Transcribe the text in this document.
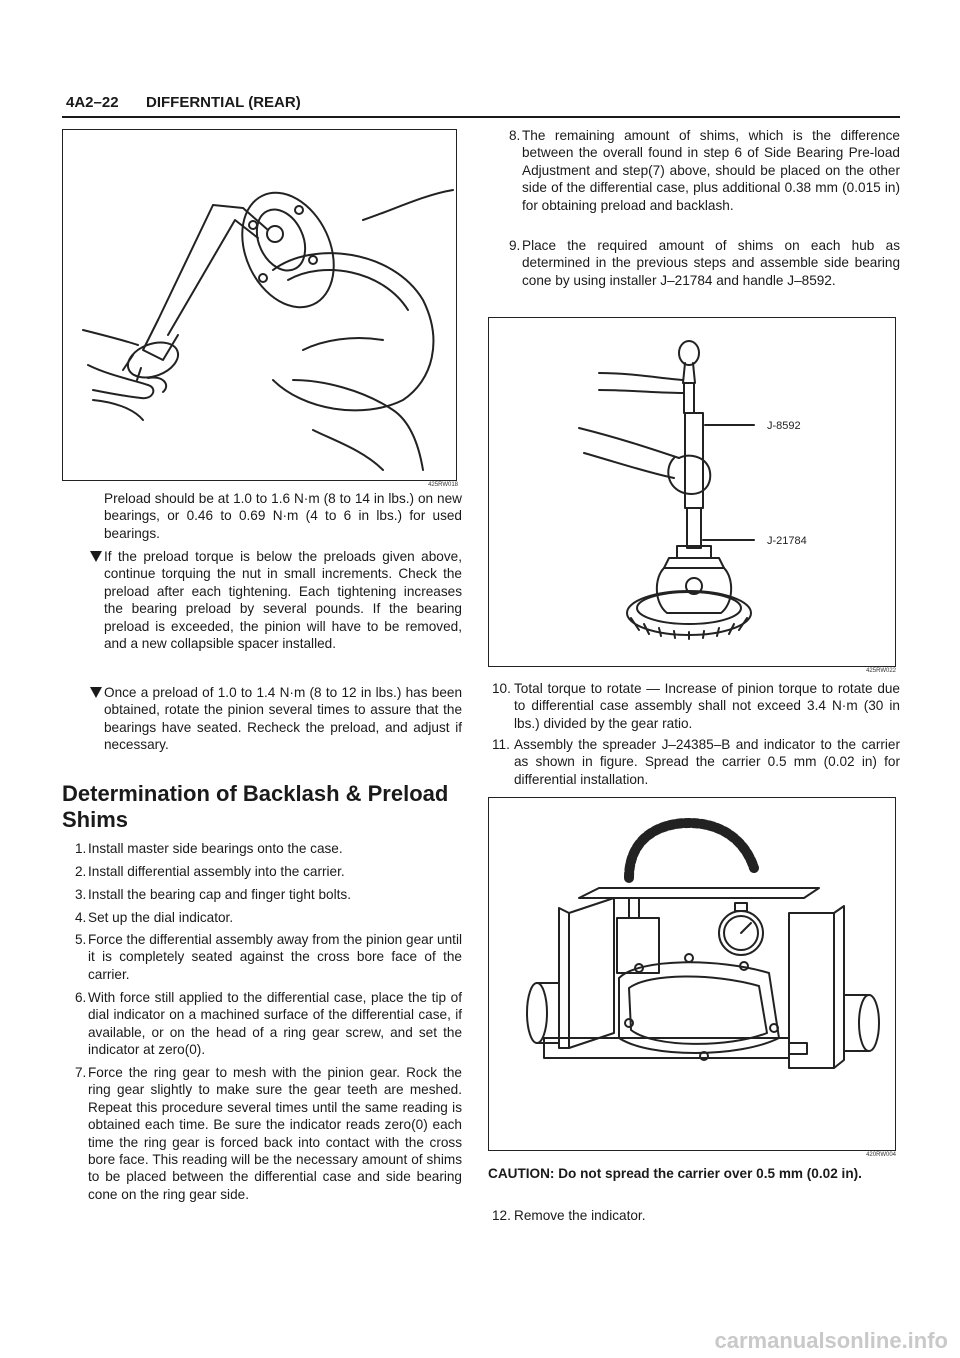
4A2–22 DIFFERNTIAL (REAR)
425RW018
Preload should be at 1.0 to 1.6 N·m (8 to 14 in lbs.) on new bearings, or 0.46 to 0.69 N·m (4 to 6 in lbs.) for used bearings.
If the preload torque is below the preloads given above, continue torquing the nut in small increments. Check the preload after each tightening. Each tightening increases the bearing preload by several pounds. If the bearing preload is exceeded, the pinion will have to be removed, and a new collapsible spacer installed.
Once a preload of 1.0 to 1.4 N·m (8 to 12 in lbs.) has been obtained, rotate the pinion several times to assure that the bearings have seated. Recheck the preload, and adjust if necessary.
Determination of Backlash & Preload Shims
1. Install master side bearings onto the case.
2. Install differential assembly into the carrier.
3. Install the bearing cap and finger tight bolts.
4. Set up the dial indicator.
5. Force the differential assembly away from the pinion gear until it is completely seated against the cross bore face of the carrier.
6. With force still applied to the differential case, place the tip of dial indicator on a machined surface of the differential case, if available, or on the head of a ring gear screw, and set the indicator at zero(0).
7. Force the ring gear to mesh with the pinion gear. Rock the ring gear slightly to make sure the gear teeth are meshed. Repeat this procedure several times until the same reading is obtained each time. Be sure the indicator reads zero(0) each time the ring gear is forced back into contact with the cross bore face. This reading will be the necessary amount of shims to be placed between the differential case and side bearing cone on the ring gear side.
8. The remaining amount of shims, which is the difference between the overall found in step 6 of Side Bearing Pre-load Adjustment and step(7) above, should be placed on the other side of the differential case, plus additional 0.38 mm (0.015 in) for obtaining preload and backlash.
9. Place the required amount of shims on each hub as determined in the previous steps and assemble side bearing cone by using installer J–21784 and handle J–8592.
J-8592
J-21784
425RW022
10. Total torque to rotate — Increase of pinion torque to rotate due to differential case assembly shall not exceed 3.4 N·m (30 in lbs.) divided by the gear ratio.
11. Assembly the spreader J–24385–B and indicator to the carrier as shown in figure. Spread the carrier 0.5 mm (0.02 in) for differential installation.
420RW004
CAUTION: Do not spread the carrier over 0.5 mm (0.02 in).
12. Remove the indicator.
carmanualsonline.info
